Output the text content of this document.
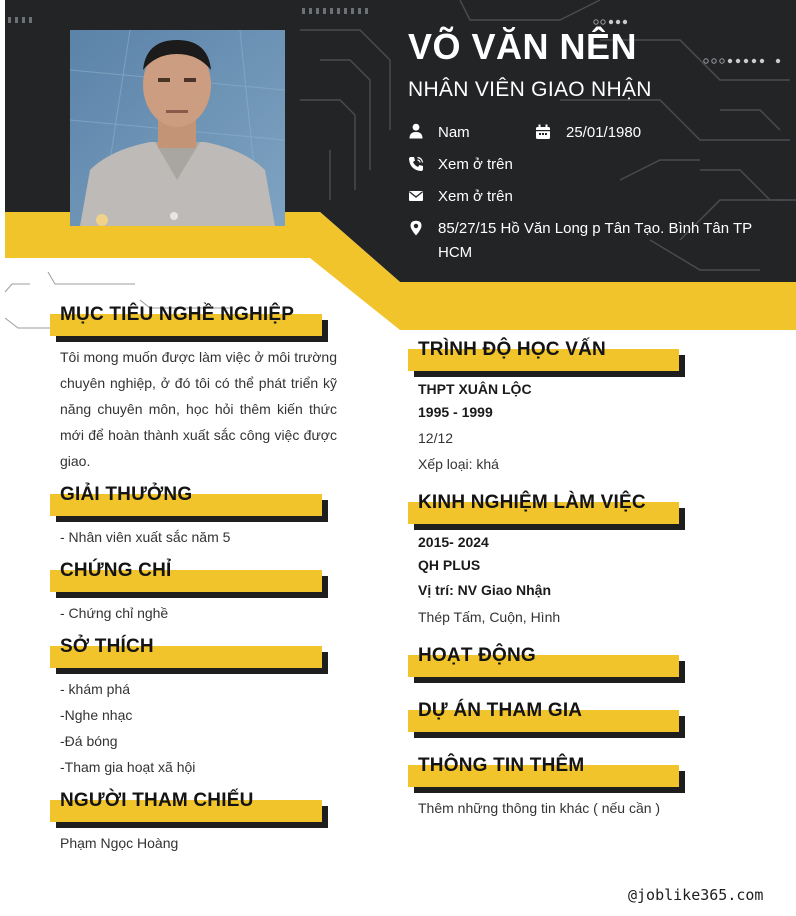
VÕ VĂN NÊN
NHÂN VIÊN GIAO NHẬN
Nam	25/01/1980
Xem ở trên
Xem ở trên
85/27/15 Hồ Văn Long p Tân Tạo. Bình Tân TP HCM
MỤC TIÊU NGHỀ NGHIỆP
Tôi mong muốn được làm việc ở môi trường chuyên nghiệp, ở đó tôi có thể phát triển kỹ năng chuyên môn, học hỏi thêm kiến thức mới để hoàn thành xuất sắc công việc được giao.
GIẢI THƯỞNG
- Nhân viên xuất sắc năm 5
CHỨNG CHỈ
- Chứng chỉ nghề
SỞ THÍCH
- khám phá
-Nghe nhạc
-Đá bóng
-Tham gia hoạt xã hội
NGƯỜI THAM CHIẾU
Phạm Ngọc Hoàng
TRÌNH ĐỘ HỌC VẤN
THPT XUÂN LỘC
1995 - 1999
12/12
Xếp loại: khá
KINH NGHIỆM LÀM VIỆC
2015- 2024
QH PLUS
Vị trí: NV Giao Nhận
Thép Tấm, Cuộn, Hình
HOẠT ĐỘNG
DỰ ÁN THAM GIA
THÔNG TIN THÊM
Thêm những thông tin khác ( nếu cần )
@joblike365.com
